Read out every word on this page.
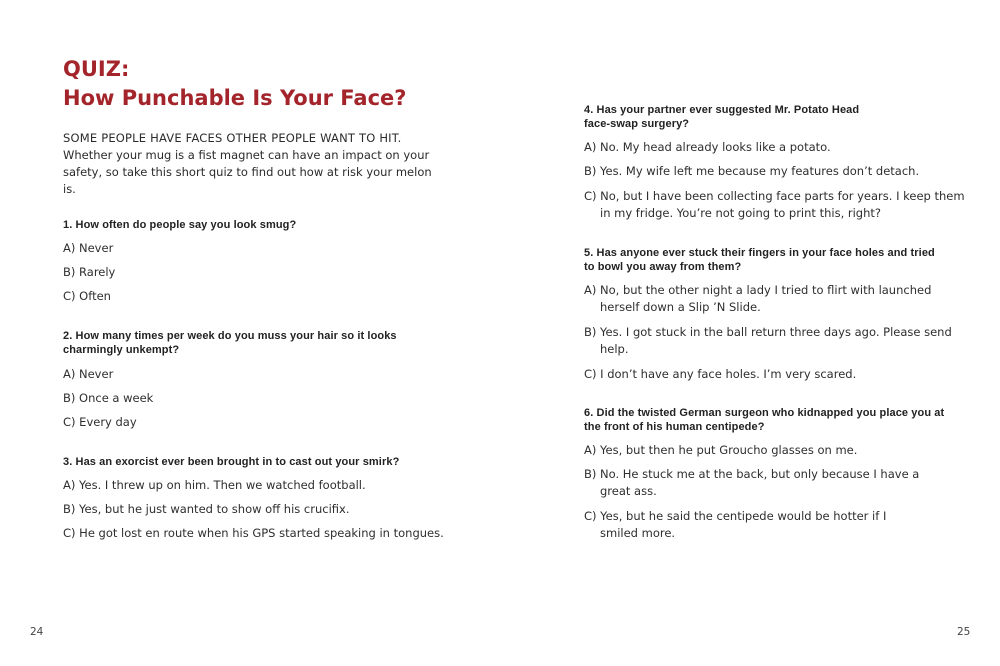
QUIZ:
How Punchable Is Your Face?
SOME PEOPLE HAVE FACES OTHER PEOPLE WANT TO HIT.
Whether your mug is a fist magnet can have an impact on your safety, so take this short quiz to find out how at risk your melon is.
1. How often do people say you look smug?
A) Never
B) Rarely
C) Often
2. How many times per week do you muss your hair so it looks charmingly unkempt?
A) Never
B) Once a week
C) Every day
3. Has an exorcist ever been brought in to cast out your smirk?
A) Yes. I threw up on him. Then we watched football.
B) Yes, but he just wanted to show off his crucifix.
C) He got lost en route when his GPS started speaking in tongues.
24
4. Has your partner ever suggested Mr. Potato Head face-swap surgery?
A) No. My head already looks like a potato.
B) Yes. My wife left me because my features don’t detach.
C) No, but I have been collecting face parts for years. I keep them in my fridge. You’re not going to print this, right?
5. Has anyone ever stuck their fingers in your face holes and tried to bowl you away from them?
A) No, but the other night a lady I tried to flirt with launched herself down a Slip ’N Slide.
B) Yes. I got stuck in the ball return three days ago. Please send help.
C) I don’t have any face holes. I’m very scared.
6. Did the twisted German surgeon who kidnapped you place you at the front of his human centipede?
A) Yes, but then he put Groucho glasses on me.
B) No. He stuck me at the back, but only because I have a great ass.
C) Yes, but he said the centipede would be hotter if I smiled more.
25
